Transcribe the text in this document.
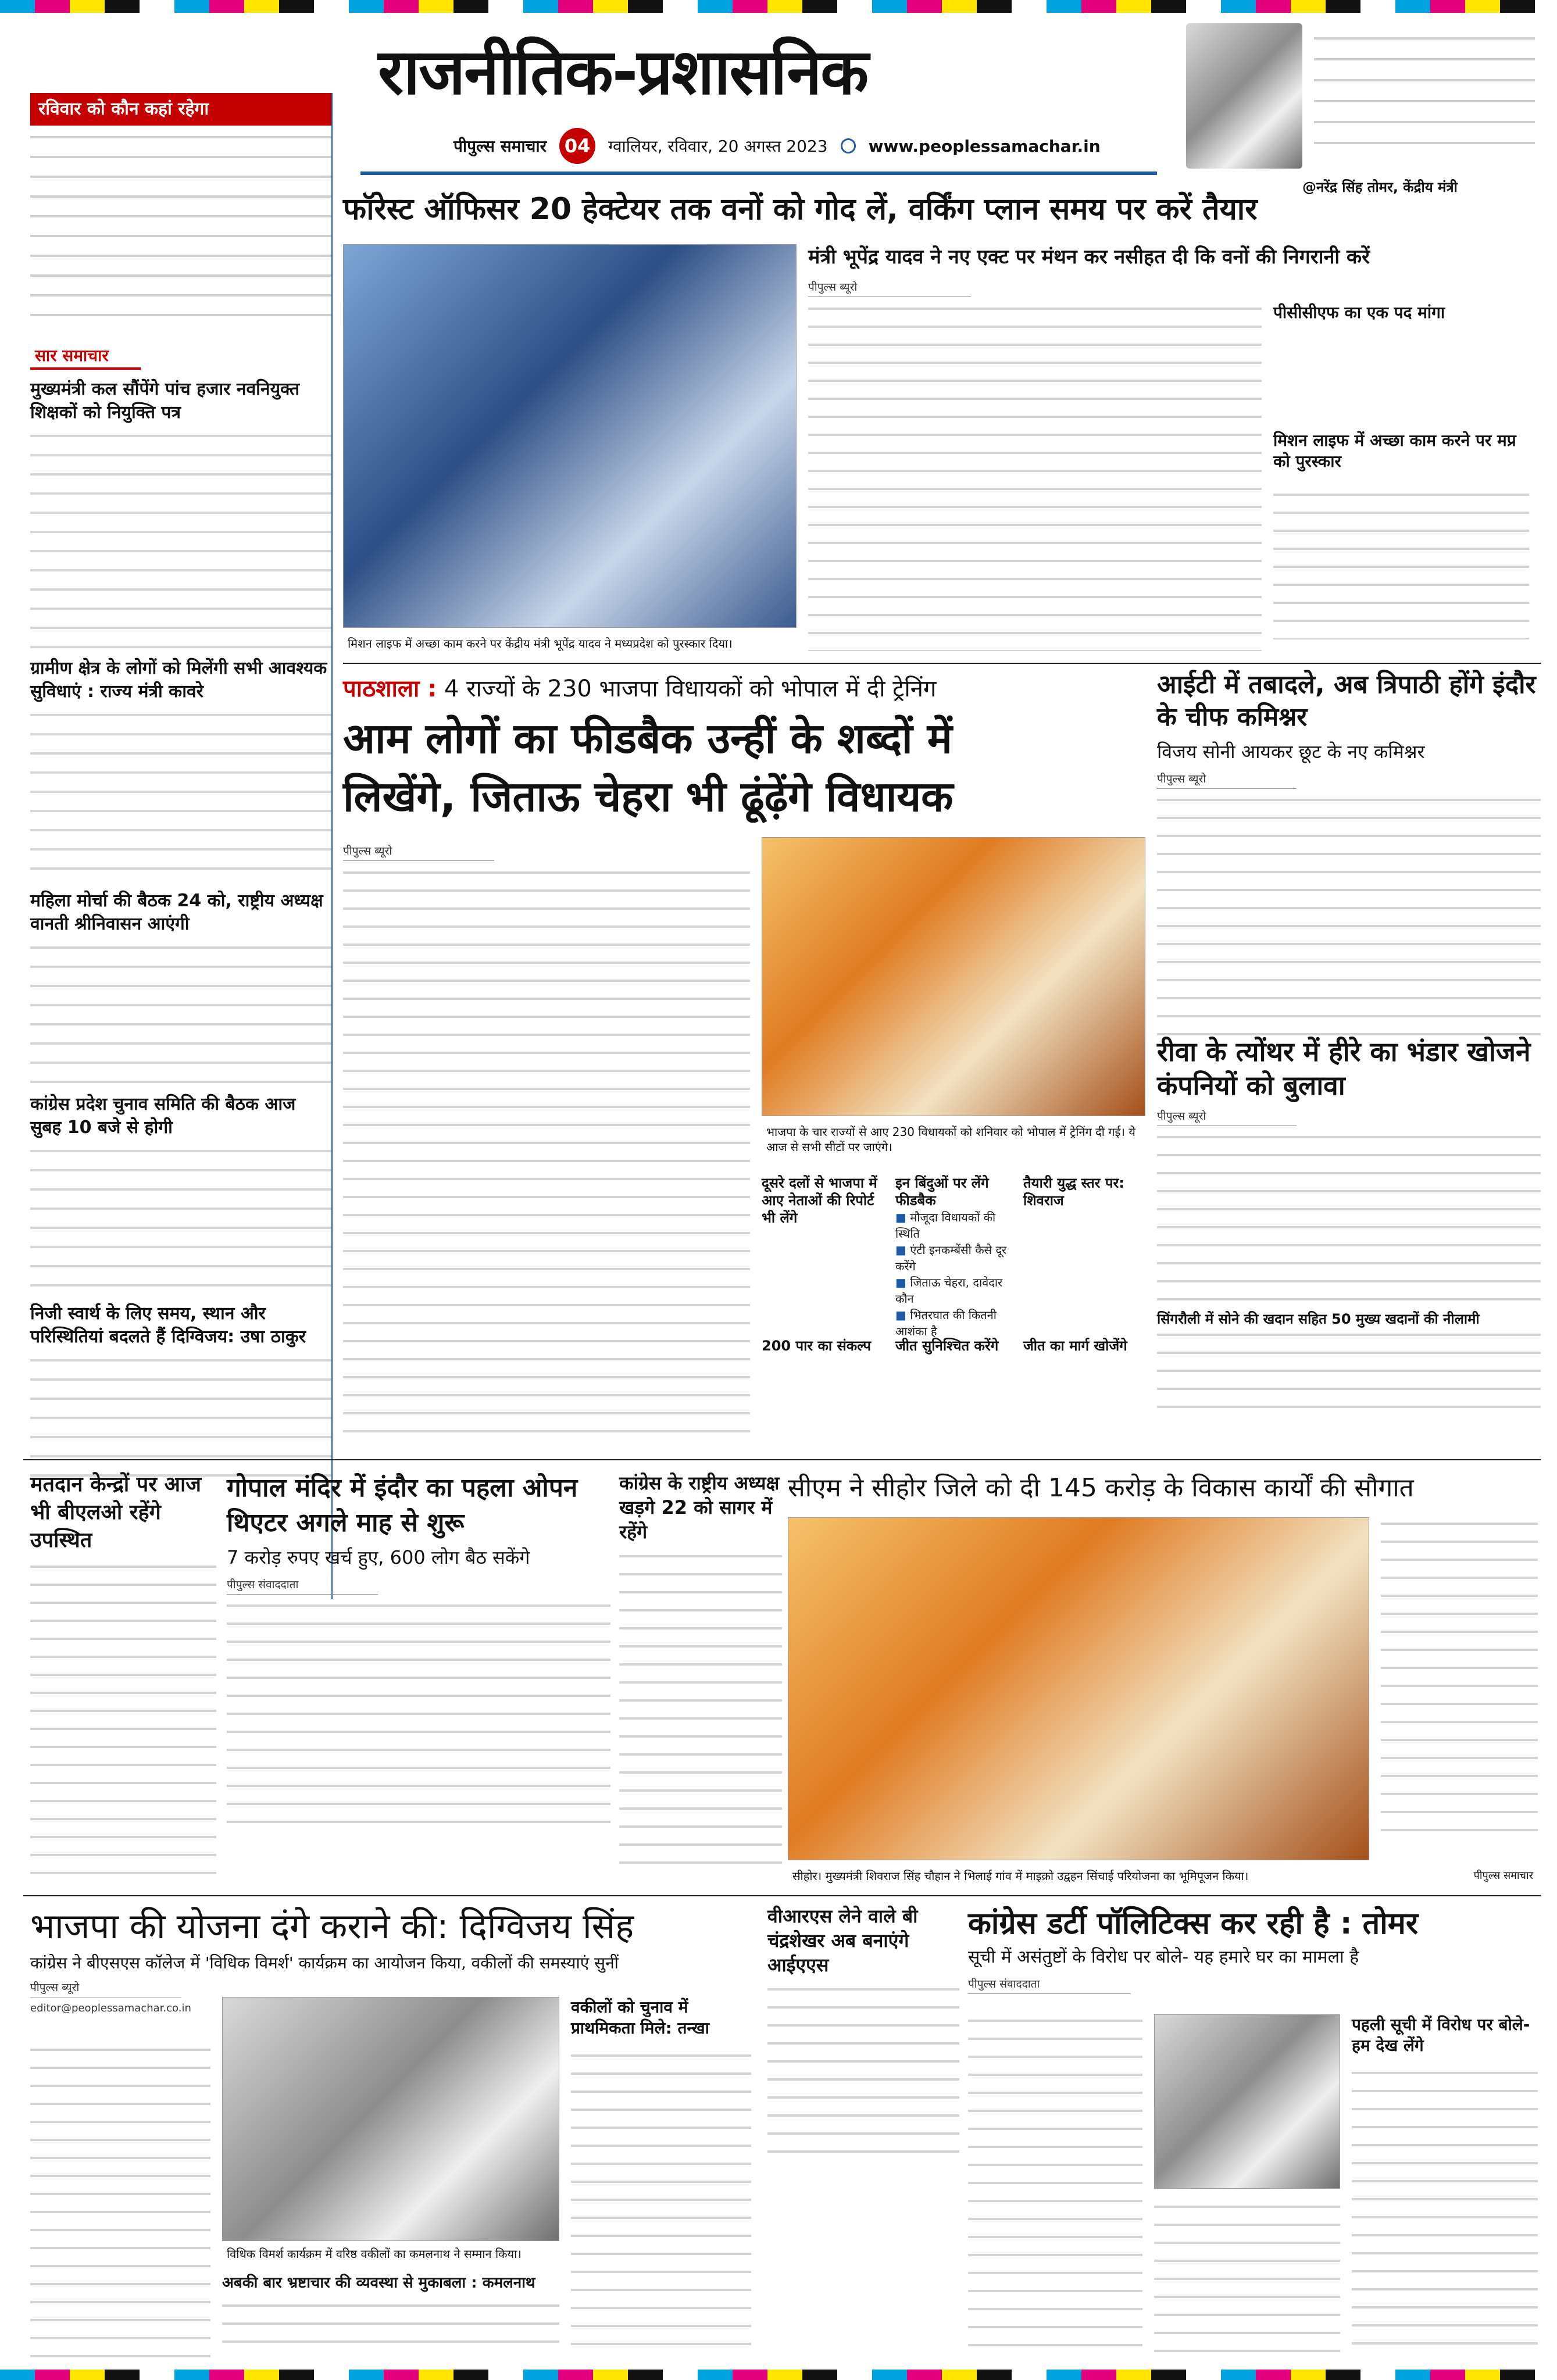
राजनीतिक-प्रशासनिक
पीपुल्स समाचार 04	ग्वालियर, रविवार, 20 अगस्त 2023	www.peoplessamachar.in
@नरेंद्र सिंह तोमर, केंद्रीय मंत्री
रविवार को कौन कहां रहेगा
सार समाचार
मुख्यमंत्री कल सौंपेंगे पांच हजार नवनियुक्त शिक्षकों को नियुक्ति पत्र
ग्रामीण क्षेत्र के लोगों को मिलेंगी सभी आवश्यक सुविधाएं : राज्य मंत्री कावरे
महिला मोर्चा की बैठक 24 को, राष्ट्रीय अध्यक्ष वानती श्रीनिवासन आएंगी
कांग्रेस प्रदेश चुनाव समिति की बैठक आज सुबह 10 बजे से होगी
निजी स्वार्थ के लिए समय, स्थान और परिस्थितियां बदलते हैं दिग्विजय: उषा ठाकुर
फॉरेस्ट ऑफिसर 20 हेक्टेयर तक वनों को गोद लें, वर्किंग प्लान समय पर करें तैयार
मिशन लाइफ में अच्छा काम करने पर केंद्रीय मंत्री भूपेंद्र यादव ने मध्यप्रदेश को पुरस्कार दिया।
मंत्री भूपेंद्र यादव ने नए एक्ट पर मंथन कर नसीहत दी कि वनों की निगरानी करें
पीपुल्स ब्यूरो
मिशन लाइफ में अच्छा काम करने पर मप्र को पुरस्कार
पीसीसीएफ का एक पद मांगा
पाठशाला : 4 राज्यों के 230 भाजपा विधायकों को भोपाल में दी ट्रेनिंग
आम लोगों का फीडबैक उन्हीं के शब्दों में
लिखेंगे, जिताऊ चेहरा भी ढूंढ़ेंगे विधायक
पीपुल्स ब्यूरो
भाजपा के चार राज्यों से आए 230 विधायकों को शनिवार को भोपाल में ट्रेनिंग दी गई। ये आज से सभी सीटों पर जाएंगे।
दूसरे दलों से भाजपा में आए नेताओं की रिपोर्ट भी लेंगे
इन बिंदुओं पर लेंगे फीडबैक
■ मौजूदा विधायकों की स्थिति
■ एंटी इनकम्बेंसी कैसे दूर करेंगे
■ जिताऊ चेहरा, दावेदार कौन
■ भितरघात की कितनी आशंका है
तैयारी युद्ध स्तर पर: शिवराज
200 पार का संकल्प	जीत सुनिश्चित करेंगे	जीत का मार्ग खोजेंगे
आईटी में तबादले, अब त्रिपाठी होंगे इंदौर के चीफ कमिश्नर
विजय सोनी आयकर छूट के नए कमिश्नर
पीपुल्स ब्यूरो
रीवा के त्योंथर में हीरे का भंडार खोजने कंपनियों को बुलावा
पीपुल्स ब्यूरो
सिंगरौली में सोने की खदान सहित 50 मुख्य खदानों की नीलामी
मतदान केन्द्रों पर आज भी बीएलओ रहेंगे उपस्थित
गोपाल मंदिर में इंदौर का पहला ओपन थिएटर अगले माह से शुरू
7 करोड़ रुपए खर्च हुए, 600 लोग बैठ सकेंगे
पीपुल्स संवाददाता
कांग्रेस के राष्ट्रीय अध्यक्ष खड़गे 22 को सागर में रहेंगे
सीएम ने सीहोर जिले को दी 145 करोड़ के विकास कार्यों की सौगात
सीहोर। मुख्यमंत्री शिवराज सिंह चौहान ने भिलाई गांव में माइक्रो उद्वहन सिंचाई परियोजना का भूमिपूजन किया।	पीपुल्स समाचार
भाजपा की योजना दंगे कराने की: दिग्विजय सिंह
कांग्रेस ने बीएसएस कॉलेज में 'विधिक विमर्श' कार्यक्रम का आयोजन किया, वकीलों की समस्याएं सुनीं
पीपुल्स ब्यूरो
editor@peoplessamachar.co.in
विधिक विमर्श कार्यक्रम में वरिष्ठ वकीलों का कमलनाथ ने सम्मान किया।
अबकी बार भ्रष्टाचार की व्यवस्था से मुकाबला : कमलनाथ
वकीलों को चुनाव में प्राथमिकता मिले: तन्खा
वीआरएस लेने वाले बी चंद्रशेखर अब बनाएंगे आईएएस
कांग्रेस डर्टी पॉलिटिक्स कर रही है : तोमर
सूची में असंतुष्टों के विरोध पर बोले- यह हमारे घर का मामला है
पीपुल्स संवाददाता
पहली सूची में विरोध पर बोले- हम देख लेंगे
